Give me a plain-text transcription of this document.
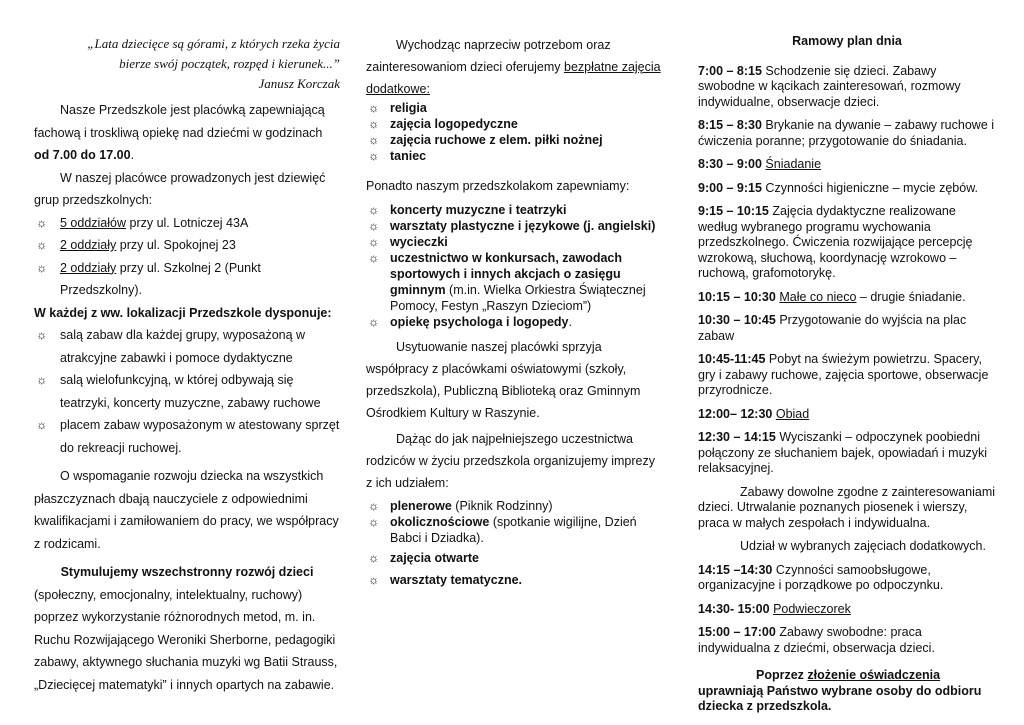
„Lata dziecięce są górami, z których rzeka życia
bierze swój początek, rozpęd i kierunek...”
Janusz Korczak

Nasze Przedszkole jest placówką zapewniającą fachową i troskliwą opiekę nad dziećmi w godzinach od 7.00 do 17.00.

W naszej placówce prowadzonych jest dziewięć grup przedszkolnych:

☼ 5 oddziałów przy ul. Lotniczej 43A
☼ 2 oddziały przy ul. Spokojnej 23
☼ 2 oddziały przy ul. Szkolnej 2 (Punkt Przedszkolny).

W każdej z ww. lokalizacji Przedszkole dysponuje:

☼ salą zabaw dla każdej grupy, wyposażoną w atrakcyjne zabawki i pomoce dydaktyczne
☼ salą wielofunkcyjną, w której odbywają się teatrzyki, koncerty muzyczne, zabawy ruchowe
☼ placem zabaw wyposażonym w atestowany sprzęt do rekreacji ruchowej.

O wspomaganie rozwoju dziecka na wszystkich płaszczyznach dbają nauczyciele z odpowiednimi kwalifikacjami i zamiłowaniem do pracy, we współpracy z rodzicami.

Stymulujemy wszechstronny rozwój dzieci

(społeczny, emocjonalny, intelektualny, ruchowy) poprzez wykorzystanie różnorodnych metod, m. in. Ruchu Rozwijającego Weroniki Sherborne, pedagogiki zabawy, aktywnego słuchania muzyki wg Batii Strauss, „Dziecięcej matematyki” i innych opartych na zabawie.

Wychodząc naprzeciw potrzebom oraz zainteresowaniom dzieci oferujemy bezpłatne zajęcia dodatkowe:

☼ religia
☼ zajęcia logopedyczne
☼ zajęcia ruchowe z elem. piłki nożnej
☼ taniec

Ponadto naszym przedszkolakom zapewniamy:

☼ koncerty muzyczne i teatrzyki
☼ warsztaty plastyczne i językowe (j. angielski)
☼ wycieczki
☼ uczestnictwo w konkursach, zawodach sportowych i innych akcjach o zasięgu gminnym (m.in. Wielka Orkiestra Świątecznej Pomocy, Festyn „Raszyn Dzieciom”)
☼ opiekę psychologa i logopedy.

Usytuowanie naszej placówki sprzyja współpracy z placówkami oświatowymi (szkoły, przedszkola), Publiczną Biblioteką oraz Gminnym Ośrodkiem Kultury w Raszynie.

Dążąc do jak najpełniejszego uczestnictwa rodziców w życiu przedszkola organizujemy imprezy z ich udziałem:

☼ plenerowe (Piknik Rodzinny)
☼ okolicznościowe (spotkanie wigilijne, Dzień Babci i Dziadka).
☼ zajęcia otwarte
☼ warsztaty tematyczne.
Ramowy plan dnia

7:00 – 8:15 Schodzenie się dzieci. Zabawy swobodne w kącikach zainteresowań, rozmowy indywidualne, obserwacje dzieci.

8:15 – 8:30 Brykanie na dywanie – zabawy ruchowe i ćwiczenia poranne; przygotowanie do śniadania.

8:30 – 9:00 Śniadanie

9:00 – 9:15 Czynności higieniczne – mycie zębów.

9:15 – 10:15 Zajęcia dydaktyczne realizowane według wybranego programu wychowania przedszkolnego. Ćwiczenia rozwijające percepcję wzrokową, słuchową, koordynację wzrokowo – ruchową, grafomotorykę.

10:15 – 10:30 Małe co nieco – drugie śniadanie.

10:30 – 10:45 Przygotowanie do wyjścia na plac zabaw

10:45-11:45 Pobyt na świeżym powietrzu. Spacery, gry i zabawy ruchowe, zajęcia sportowe, obserwacje przyrodnicze.

12:00– 12:30 Obiad

12:30 – 14:15 Wyciszanki – odpoczynek poobiedni połączony ze słuchaniem bajek, opowiadań i muzyki relaksacyjnej.

Zabawy dowolne zgodne z zainteresowaniami dzieci. Utrwalanie poznanych piosenek i wierszy, praca w małych zespołach i indywidualna.

Udział w wybranych zajęciach dodatkowych.

14:15 –14:30 Czynności samoobsługowe, organizacyjne i porządkowe po odpoczynku.

14:30- 15:00 Podwieczorek

15:00 – 17:00 Zabawy swobodne: praca indywidualna z dziećmi, obserwacja dzieci.

Poprzez złożenie oświadczenia uprawniają Państwo wybrane osoby do odbioru dziecka z przedszkola.
